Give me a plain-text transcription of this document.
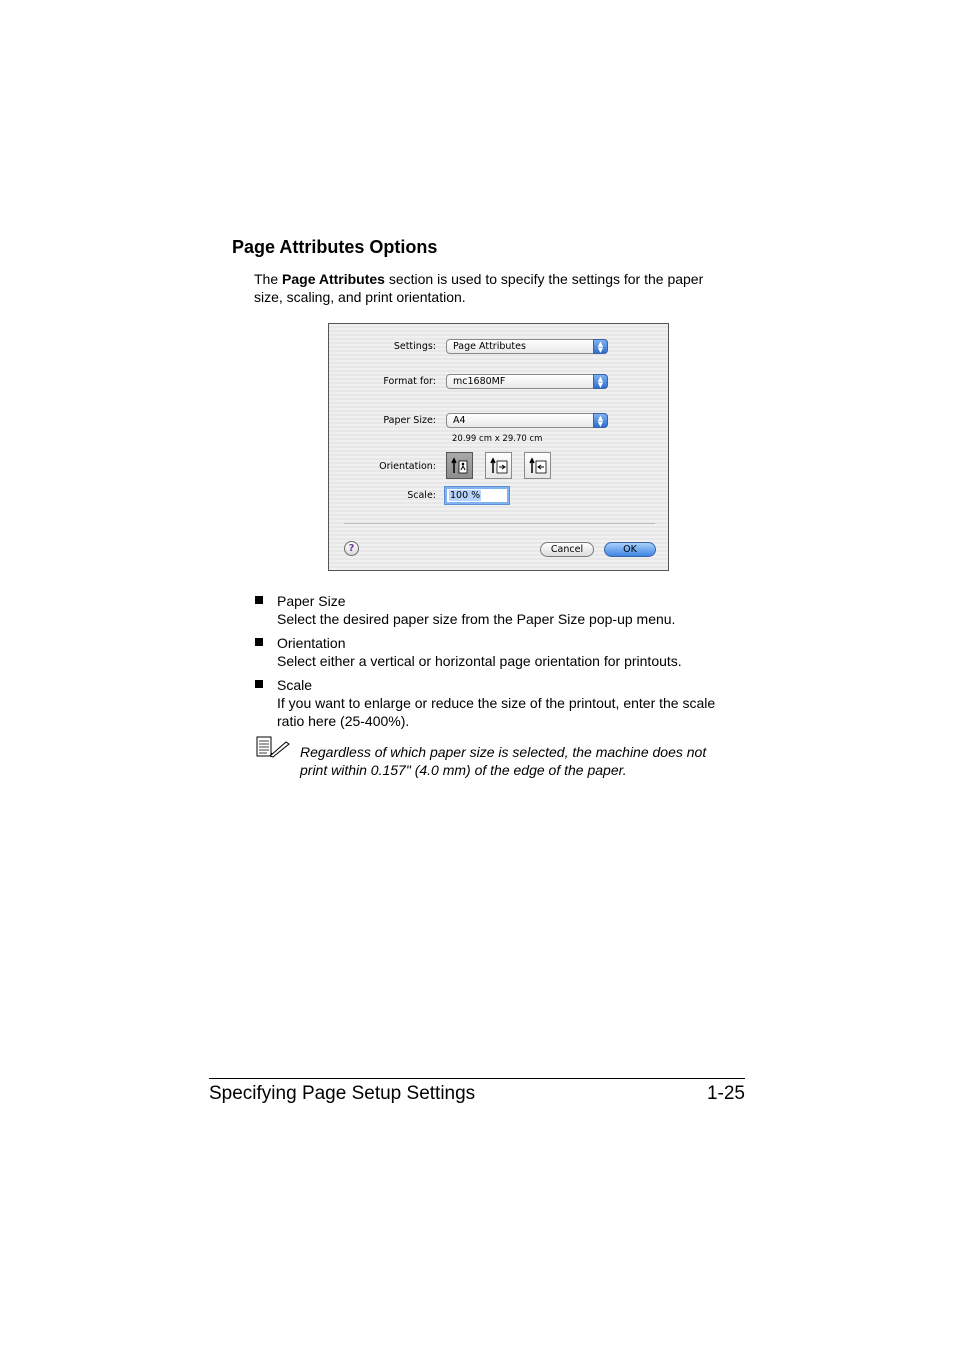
Page Attributes Options
The Page Attributes section is used to specify the settings for the paper size, scaling, and print orientation.
Settings: Page Attributes	▲
▼
Format for: mc1680MF	▲
▼
Paper Size: A4	▲
▼
20.99 cm x 29.70 cm
Orientation:
Scale: 100 %
?	Cancel	OK
Paper Size
Select the desired paper size from the Paper Size pop-up menu.
Orientation
Select either a vertical or horizontal page orientation for printouts.
Scale
If you want to enlarge or reduce the size of the printout, enter the scale ratio here (25-400%).
Regardless of which paper size is selected, the machine does not print within 0.157" (4.0 mm) of the edge of the paper.
Specifying Page Setup Settings	1-25
